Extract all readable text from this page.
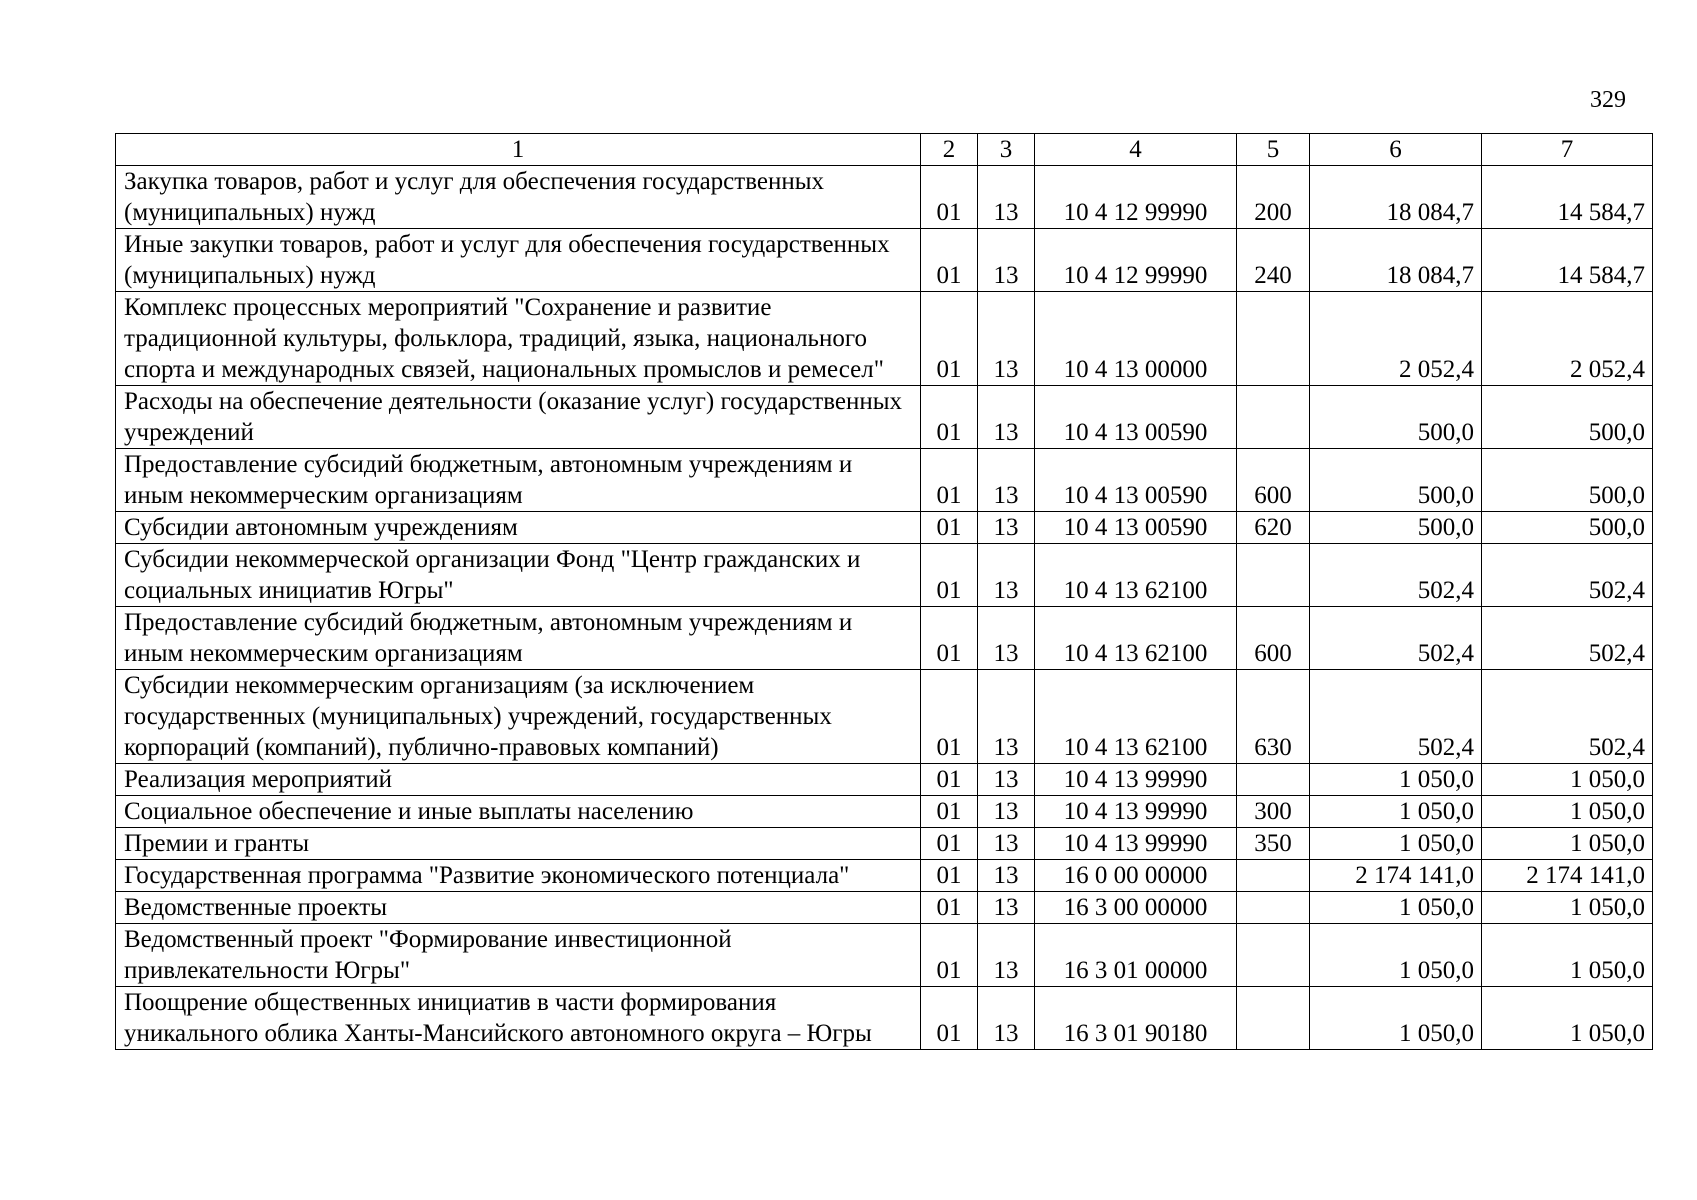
329
1	2	3	4	5	6	7
Закупка товаров, работ и услуг для обеспечения государственных (муниципальных) нужд	01	13	10 4 12 99990	200	18 084,7	14 584,7
Иные закупки товаров, работ и услуг для обеспечения государственных (муниципальных) нужд	01	13	10 4 12 99990	240	18 084,7	14 584,7
Комплекс процессных мероприятий "Сохранение и развитие традиционной культуры, фольклора, традиций, языка, национального спорта и международных связей, национальных промыслов и ремесел"	01	13	10 4 13 00000		2 052,4	2 052,4
Расходы на обеспечение деятельности (оказание услуг) государственных учреждений	01	13	10 4 13 00590		500,0	500,0
Предоставление субсидий бюджетным, автономным учреждениям и иным некоммерческим организациям	01	13	10 4 13 00590	600	500,0	500,0
Субсидии автономным учреждениям	01	13	10 4 13 00590	620	500,0	500,0
Субсидии некоммерческой организации Фонд "Центр гражданских и социальных инициатив Югры"	01	13	10 4 13 62100		502,4	502,4
Предоставление субсидий бюджетным, автономным учреждениям и иным некоммерческим организациям	01	13	10 4 13 62100	600	502,4	502,4
Субсидии некоммерческим организациям (за исключением государственных (муниципальных) учреждений, государственных корпораций (компаний), публично-правовых компаний)	01	13	10 4 13 62100	630	502,4	502,4
Реализация мероприятий	01	13	10 4 13 99990		1 050,0	1 050,0
Социальное обеспечение и иные выплаты населению	01	13	10 4 13 99990	300	1 050,0	1 050,0
Премии и гранты	01	13	10 4 13 99990	350	1 050,0	1 050,0
Государственная программа "Развитие экономического потенциала"	01	13	16 0 00 00000		2 174 141,0	2 174 141,0
Ведомственные проекты	01	13	16 3 00 00000		1 050,0	1 050,0
Ведомственный проект "Формирование инвестиционной привлекательности Югры"	01	13	16 3 01 00000		1 050,0	1 050,0
Поощрение общественных инициатив в части формирования уникального облика Ханты-Мансийского автономного округа – Югры	01	13	16 3 01 90180		1 050,0	1 050,0
